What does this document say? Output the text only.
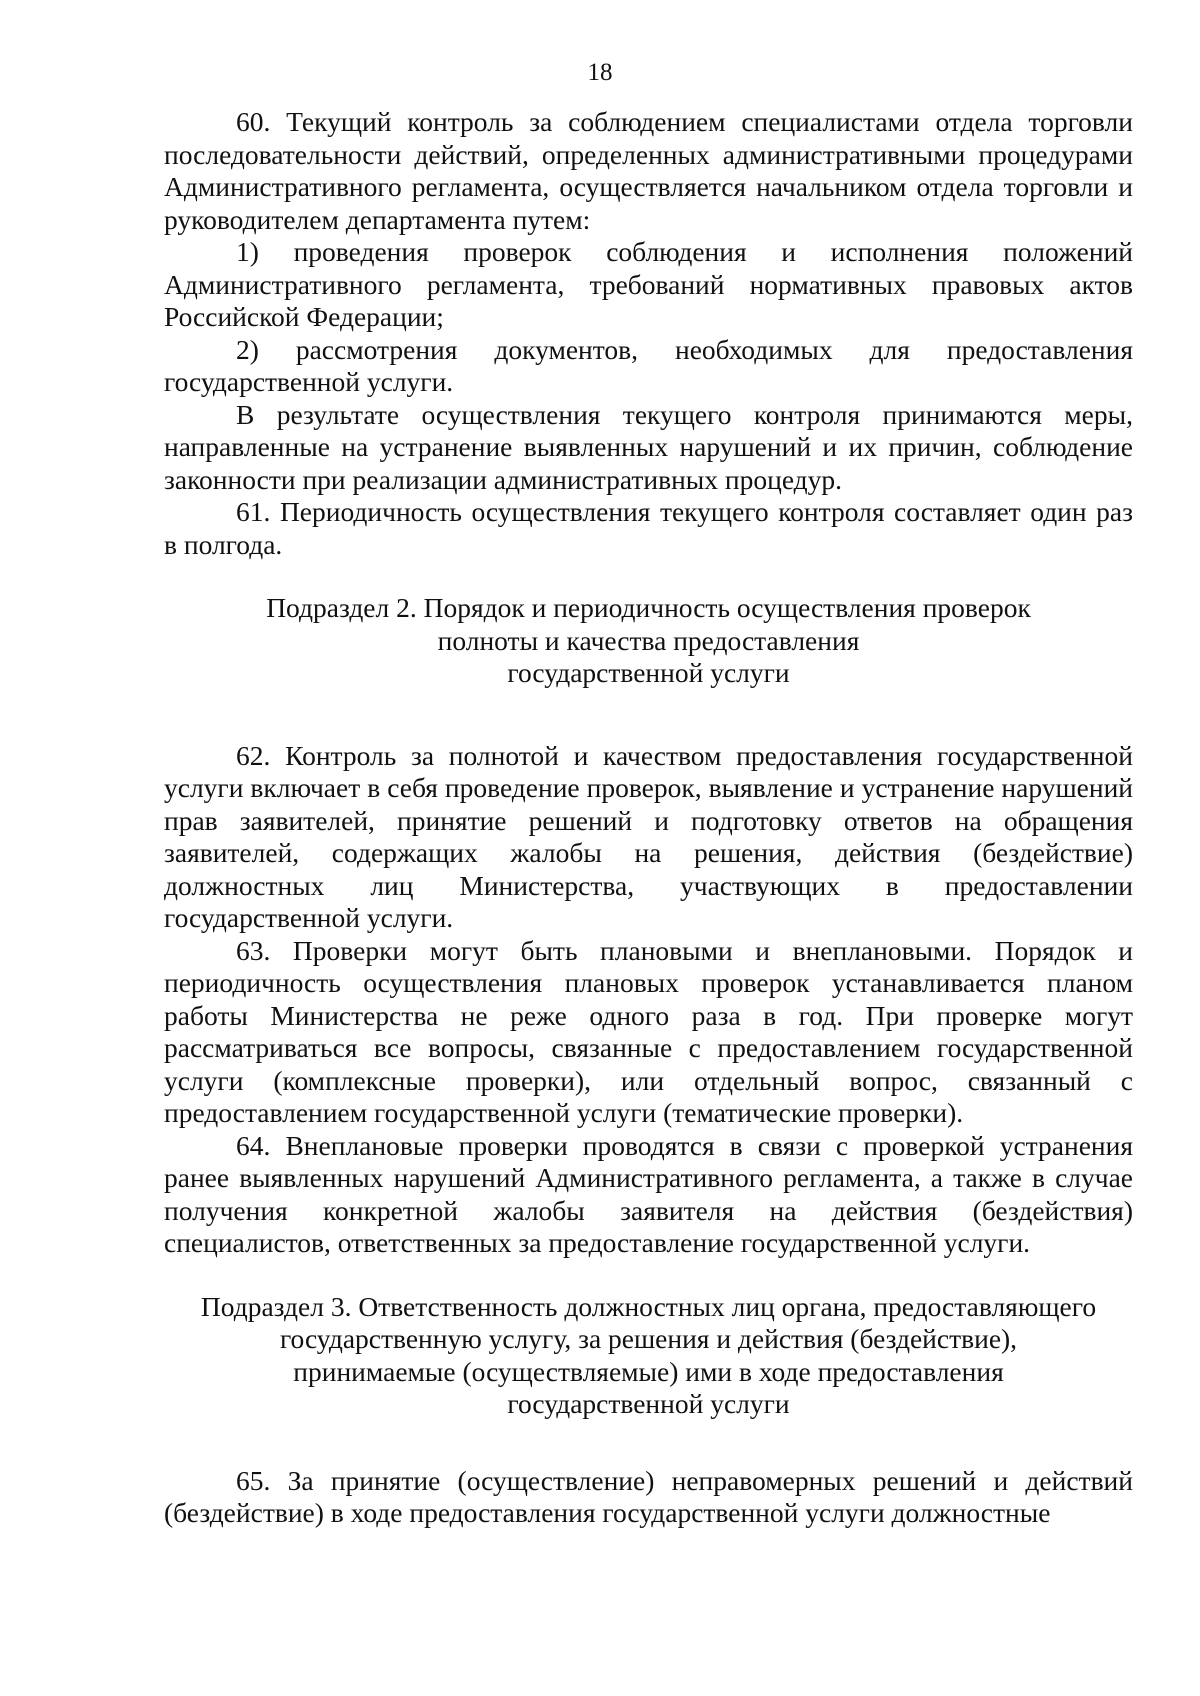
18

60. Текущий контроль за соблюдением специалистами отдела торговли последовательности действий, определенных административными процедурами Административного регламента, осуществляется начальником отдела торговли и руководителем департамента путем:

1) проведения проверок соблюдения и исполнения положений Административного регламента, требований нормативных правовых актов Российской Федерации;

2) рассмотрения документов, необходимых для предоставления государственной услуги.

В результате осуществления текущего контроля принимаются меры, направленные на устранение выявленных нарушений и их причин, соблюдение законности при реализации административных процедур.

61. Периодичность осуществления текущего контроля составляет один раз в полгода.

Подраздел 2. Порядок и периодичность осуществления проверок
полноты и качества предоставления
государственной услуги

62. Контроль за полнотой и качеством предоставления государственной услуги включает в себя проведение проверок, выявление и устранение нарушений прав заявителей, принятие решений и подготовку ответов на обращения заявителей, содержащих жалобы на решения, действия (бездействие) должностных лиц Министерства, участвующих в предоставлении государственной услуги.

63. Проверки могут быть плановыми и внеплановыми. Порядок и периодичность осуществления плановых проверок устанавливается планом работы Министерства не реже одного раза в год. При проверке могут рассматриваться все вопросы, связанные с предоставлением государственной услуги (комплексные проверки), или отдельный вопрос, связанный с предоставлением государственной услуги (тематические проверки).

64. Внеплановые проверки проводятся в связи с проверкой устранения ранее выявленных нарушений Административного регламента, а также в случае получения конкретной жалобы заявителя на действия (бездействия) специалистов, ответственных за предоставление государственной услуги.

Подраздел 3. Ответственность должностных лиц органа, предоставляющего
государственную услугу, за решения и действия (бездействие),
принимаемые (осуществляемые) ими в ходе предоставления
государственной услуги

65. За принятие (осуществление) неправомерных решений и действий (бездействие) в ходе предоставления государственной услуги должностные
